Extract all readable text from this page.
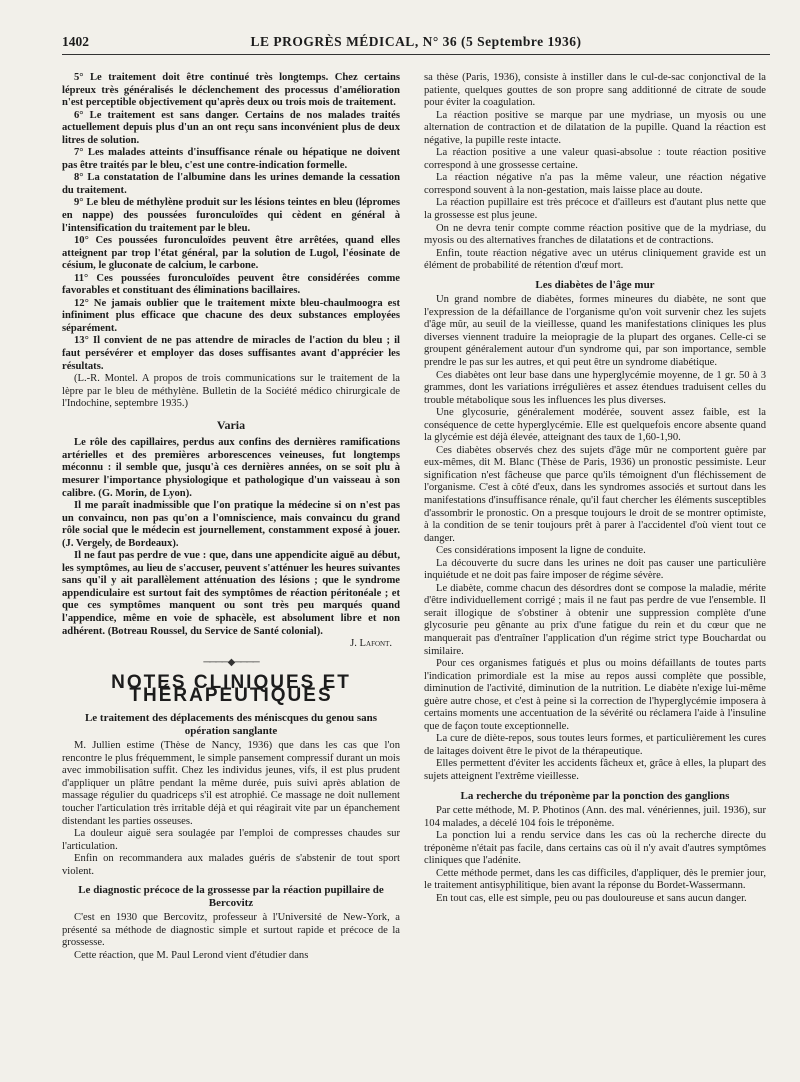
1402	LE PROGRÈS MÉDICAL, N° 36 (5 Septembre 1936)

5° Le traitement doit être continué très longtemps. Chez certains lépreux très généralisés le déclenchement des processus d'amélioration n'est perceptible objectivement qu'après deux ou trois mois de traitement.

6° Le traitement est sans danger. Certains de nos malades traités actuellement depuis plus d'un an ont reçu sans inconvénient plus de deux litres de solution.

7° Les malades atteints d'insuffisance rénale ou hépatique ne doivent pas être traités par le bleu, c'est une contre-indication formelle.

8° La constatation de l'albumine dans les urines demande la cessation du traitement.

9° Le bleu de méthylène produit sur les lésions teintes en bleu (lépromes en nappe) des poussées furonculoïdes qui cèdent en général à l'intensification du traitement par le bleu.

10° Ces poussées furonculoïdes peuvent être arrêtées, quand elles atteignent par trop l'état général, par la solution de Lugol, l'éosinate de césium, le gluconate de calcium, le carbone.

11° Ces poussées furonculoïdes peuvent être considérées comme favorables et constituant des éliminations bacillaires.

12° Ne jamais oublier que le traitement mixte bleu-chaulmoogra est infiniment plus efficace que chacune des deux substances employées séparément.

13° Il convient de ne pas attendre de miracles de l'action du bleu ; il faut persévérer et employer das doses suffisantes avant d'apprécier les résultats.

(L.-R. Montel. A propos de trois communications sur le traitement de la lèpre par le bleu de méthylène. Bulletin de la Société médico chirurgicale de l'Indochine, septembre 1935.)

Varia

Le rôle des capillaires, perdus aux confins des dernières ramifications artérielles et des premières arborescences veineuses, fut longtemps méconnu : il semble que, jusqu'à ces dernières années, on se soit plu à mesurer l'importance physiologique et pathologique d'un vaisseau à son calibre. (G. Morin, de Lyon).

Il me paraît inadmissible que l'on pratique la médecine si on n'est pas un convaincu, non pas qu'on a l'omniscience, mais convaincu du grand rôle social que le médecin est journellement, constamment exposé à jouer. (J. Vergely, de Bordeaux).

Il ne faut pas perdre de vue : que, dans une appendicite aiguë au début, les symptômes, au lieu de s'accuser, peuvent s'atténuer les heures suivantes sans qu'il y ait parallèlement atténuation des lésions ; que le syndrome appendiculaire est surtout fait des symptômes de réaction péritonéale ; et que ces symptômes manquent ou sont très peu marqués quand l'appendice, même en voie de sphacèle, est absolument libre et non adhérent. (Botreau Roussel, du Service de Santé colonial).

J. Lafont.
────◆────
NOTES CLINIQUES ET THÉRAPEUTIQUES
Le traitement des déplacements des méniscques du genou sans opération sanglante

M. Jullien estime (Thèse de Nancy, 1936) que dans les cas que l'on rencontre le plus fréquemment, le simple pansement compressif durant un mois avec immobilisation suffit. Chez les individus jeunes, vifs, il est plus prudent d'appliquer un plâtre pendant la même durée, puis suivi après ablation de massage régulier du quadriceps s'il est atrophié. Ce massage ne doit nullement toucher l'articulation très irritable déjà et qui réagirait vite par un épanchement distendant les parties osseuses.

La douleur aiguë sera soulagée par l'emploi de compresses chaudes sur l'articulation.

Enfin on recommandera aux malades guéris de s'abstenir de tout sport violent.

Le diagnostic précoce de la grossesse par la réaction pupillaire de Bercovitz

C'est en 1930 que Bercovitz, professeur à l'Université de New-York, a présenté sa méthode de diagnostic simple et surtout rapide et précoce de la grossesse.

Cette réaction, que M. Paul Lerond vient d'étudier dans

sa thèse (Paris, 1936), consiste à instiller dans le cul-de-sac conjonctival de la patiente, quelques gouttes de son propre sang additionné de citrate de soude pour éviter la coagulation.

La réaction positive se marque par une mydriase, un myosis ou une alternation de contraction et de dilatation de la pupille. Quand la réaction est négative, la pupille reste intacte.

La réaction positive a une valeur quasi-absolue : toute réaction positive correspond à une grossesse certaine.

La réaction négative n'a pas la même valeur, une réaction négative correspond souvent à la non-gestation, mais laisse place au doute.

La réaction pupillaire est très précoce et d'ailleurs est d'autant plus nette que la grossesse est plus jeune.

On ne devra tenir compte comme réaction positive que de la mydriase, du myosis ou des alternatives franches de dilatations et de contractions.

Enfin, toute réaction négative avec un utérus cliniquement gravide est un élément de probabilité de rétention d'œuf mort.

Les diabètes de l'âge mur

Un grand nombre de diabètes, formes mineures du diabète, ne sont que l'expression de la défaillance de l'organisme qu'on voit survenir chez les sujets d'âge mûr, au seuil de la vieillesse, quand les manifestations cliniques les plus diverses viennent traduire la meiopragie de la plupart des organes. Celle-ci se groupent généralement autour d'un syndrome qui, par son importance, semble prendre le pas sur les autres, et qui peut être un syndrome diabétique.

Ces diabètes ont leur base dans une hyperglycémie moyenne, de 1 gr. 50 à 3 grammes, dont les variations irrégulières et assez étendues traduisent celles du trouble métabolique sous les influences les plus diverses.

Une glycosurie, généralement modérée, souvent assez faible, est la conséquence de cette hyperglycémie. Elle est quelquefois encore absente quand la glycémie est déjà élevée, atteignant des taux de 1,60-1,90.

Ces diabètes observés chez des sujets d'âge mûr ne comportent guère par eux-mêmes, dit M. Blanc (Thèse de Paris, 1936) un pronostic pessimiste. Leur signification n'est fâcheuse que parce qu'ils témoignent d'un fléchissement de l'organisme. C'est à côté d'eux, dans les syndromes associés et surtout dans les manifestations d'insuffisance rénale, qu'il faut chercher les éléments susceptibles d'assombrir le pronostic. On a presque toujours le droit de se montrer optimiste, à la condition de se tenir toujours prêt à parer à l'accidentel d'où vient tout ce danger.

Ces considérations imposent la ligne de conduite.

La découverte du sucre dans les urines ne doit pas causer une particulière inquiétude et ne doit pas faire imposer de régime sévère.

Le diabète, comme chacun des désordres dont se compose la maladie, mérite d'être individuellement corrigé ; mais il ne faut pas perdre de vue l'ensemble. Il serait illogique de s'obstiner à obtenir une suppression complète d'une glycosurie peu gênante au prix d'une fatigue du rein et du cœur que ne manquerait pas d'entraîner l'application d'un régime strict type Bouchardat ou similaire.

Pour ces organismes fatigués et plus ou moins défaillants de toutes parts l'indication primordiale est la mise au repos aussi complète que possible, diminution de l'activité, diminution de la nutrition. Le diabète n'exige lui-même guère autre chose, et c'est à peine si la correction de l'hyperglycémie imposera à certains moments une accentuation de la sévérité ou réclamera l'aide à l'insuline que de façon toute exceptionnelle.

La cure de diète-repos, sous toutes leurs formes, et particulièrement les cures de laitages doivent être le pivot de la thérapeutique.

Elles permettent d'éviter les accidents fâcheux et, grâce à elles, la plupart des sujets atteignent l'extrême vieillesse.

La recherche du tréponème par la ponction des ganglions

Par cette méthode, M. P. Photinos (Ann. des mal. vénériennes, juil. 1936), sur 104 malades, a décelé 104 fois le tréponème.

La ponction lui a rendu service dans les cas où la recherche directe du tréponème n'était pas facile, dans certains cas où il n'y avait d'autres symptômes cliniques que l'adénite.

Cette méthode permet, dans les cas difficiles, d'appliquer, dès le premier jour, le traitement antisyphilitique, bien avant la réponse du Bordet-Wassermann.

En tout cas, elle est simple, peu ou pas douloureuse et sans aucun danger.
